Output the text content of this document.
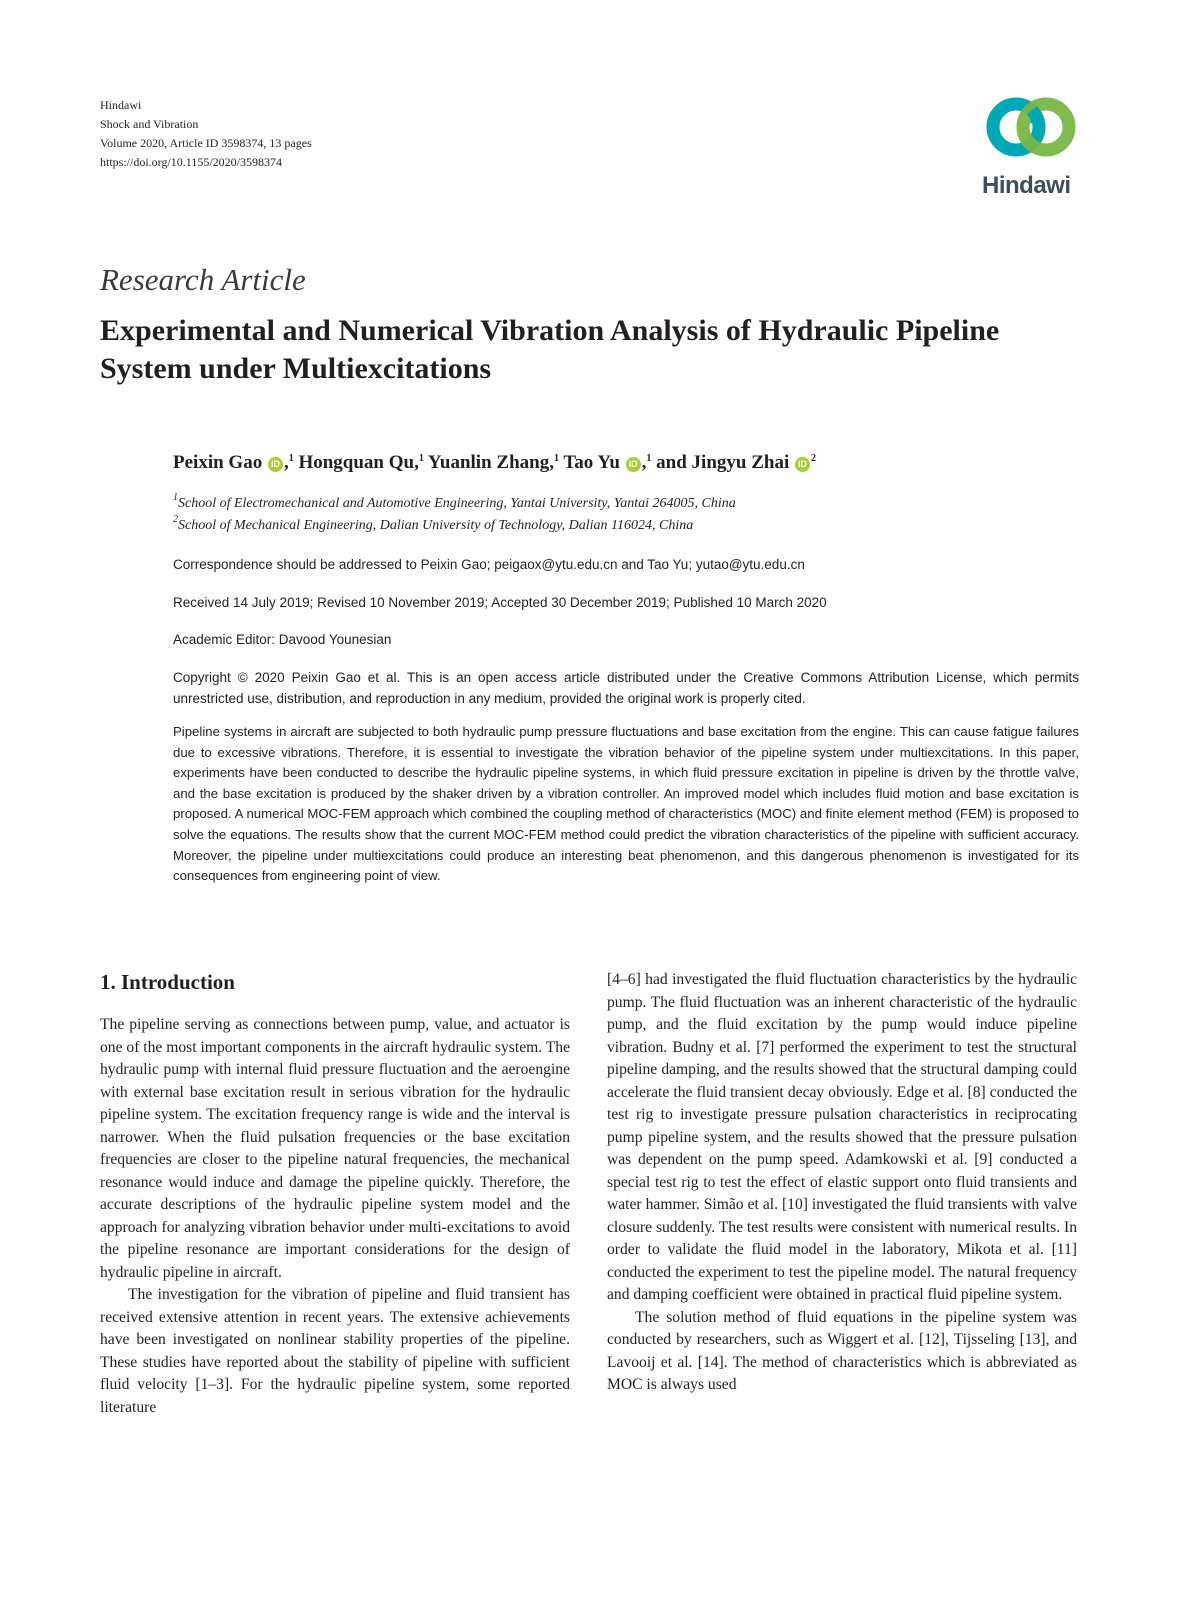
Hindawi
Shock and Vibration
Volume 2020, Article ID 3598374, 13 pages
https://doi.org/10.1155/2020/3598374
Hindawi
Research Article
Experimental and Numerical Vibration Analysis of Hydraulic Pipeline System under Multiexcitations
Peixin Gao iD ,$^1$ Hongquan Qu,$^1$ Yuanlin Zhang,$^1$ Tao Yu iD ,$^1$ and Jingyu Zhai iD $^2$
$^1$School of Electromechanical and Automotive Engineering, Yantai University, Yantai 264005, China
$^2$School of Mechanical Engineering, Dalian University of Technology, Dalian 116024, China
Correspondence should be addressed to Peixin Gao; peigaox@ytu.edu.cn and Tao Yu; yutao@ytu.edu.cn
Received 14 July 2019; Revised 10 November 2019; Accepted 30 December 2019; Published 10 March 2020
Academic Editor: Davood Younesian
Copyright © 2020 Peixin Gao et al. This is an open access article distributed under the Creative Commons Attribution License, which permits unrestricted use, distribution, and reproduction in any medium, provided the original work is properly cited.
Pipeline systems in aircraft are subjected to both hydraulic pump pressure fluctuations and base excitation from the engine. This can cause fatigue failures due to excessive vibrations. Therefore, it is essential to investigate the vibration behavior of the pipeline system under multiexcitations. In this paper, experiments have been conducted to describe the hydraulic pipeline systems, in which fluid pressure excitation in pipeline is driven by the throttle valve, and the base excitation is produced by the shaker driven by a vibration controller. An improved model which includes fluid motion and base excitation is proposed. A numerical MOC-FEM approach which combined the coupling method of characteristics (MOC) and finite element method (FEM) is proposed to solve the equations. The results show that the current MOC-FEM method could predict the vibration characteristics of the pipeline with sufficient accuracy. Moreover, the pipeline under multiexcitations could produce an interesting beat phenomenon, and this dangerous phenomenon is investigated for its consequences from engineering point of view.
1. Introduction

The pipeline serving as connections between pump, value, and actuator is one of the most important components in the aircraft hydraulic system. The hydraulic pump with internal fluid pressure fluctuation and the aeroengine with external base excitation result in serious vibration for the hydraulic pipeline system. The excitation frequency range is wide and the interval is narrower. When the fluid pulsation frequencies or the base excitation frequencies are closer to the pipeline natural frequencies, the mechanical resonance would induce and damage the pipeline quickly. Therefore, the accurate descriptions of the hydraulic pipeline system model and the approach for analyzing vibration behavior under multi-excitations to avoid the pipeline resonance are important considerations for the design of hydraulic pipeline in aircraft.

The investigation for the vibration of pipeline and fluid transient has received extensive attention in recent years. The extensive achievements have been investigated on nonlinear stability properties of the pipeline. These studies have reported about the stability of pipeline with sufficient fluid velocity [1–3]. For the hydraulic pipeline system, some reported literature

[4–6] had investigated the fluid fluctuation characteristics by the hydraulic pump. The fluid fluctuation was an inherent characteristic of the hydraulic pump, and the fluid excitation by the pump would induce pipeline vibration. Budny et al. [7] performed the experiment to test the structural pipeline damping, and the results showed that the structural damping could accelerate the fluid transient decay obviously. Edge et al. [8] conducted the test rig to investigate pressure pulsation characteristics in reciprocating pump pipeline system, and the results showed that the pressure pulsation was dependent on the pump speed. Adamkowski et al. [9] conducted a special test rig to test the effect of elastic support onto fluid transients and water hammer. Simão et al. [10] investigated the fluid transients with valve closure suddenly. The test results were consistent with numerical results. In order to validate the fluid model in the laboratory, Mikota et al. [11] conducted the experiment to test the pipeline model. The natural frequency and damping coefficient were obtained in practical fluid pipeline system.

The solution method of fluid equations in the pipeline system was conducted by researchers, such as Wiggert et al. [12], Tijsseling [13], and Lavooij et al. [14]. The method of characteristics which is abbreviated as MOC is always used
